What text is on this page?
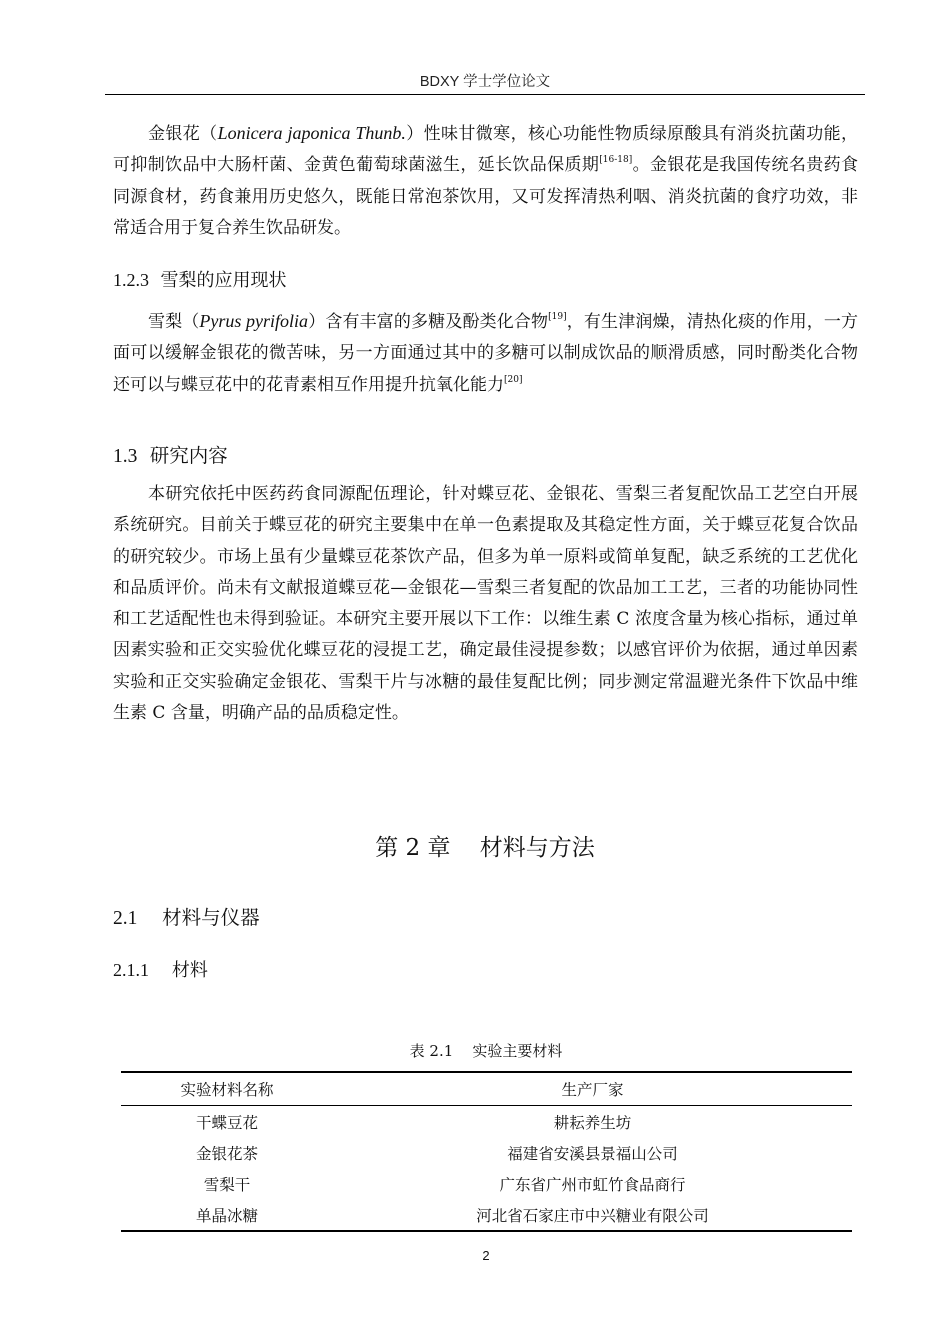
BDXY 学士学位论文

金银花（Lonicera japonica Thunb.）性味甘微寒，核心功能性物质绿原酸具有消炎抗菌功能，可抑制饮品中大肠杆菌、金黄色葡萄球菌滋生，延长饮品保质期[16-18]。金银花是我国传统名贵药食同源食材，药食兼用历史悠久，既能日常泡茶饮用，又可发挥清热利咽、消炎抗菌的食疗功效，非常适合用于复合养生饮品研发。

1.2.3 雪梨的应用现状

雪梨（Pyrus pyrifolia）含有丰富的多糖及酚类化合物[19]，有生津润燥，清热化痰的作用，一方面可以缓解金银花的微苦味，另一方面通过其中的多糖可以制成饮品的顺滑质感，同时酚类化合物还可以与蝶豆花中的花青素相互作用提升抗氧化能力[20]

1.3 研究内容

本研究依托中医药药食同源配伍理论，针对蝶豆花、金银花、雪梨三者复配饮品工艺空白开展系统研究。目前关于蝶豆花的研究主要集中在单一色素提取及其稳定性方面，关于蝶豆花复合饮品的研究较少。市场上虽有少量蝶豆花茶饮产品，但多为单一原料或简单复配，缺乏系统的工艺优化和品质评价。尚未有文献报道蝶豆花—金银花—雪梨三者复配的饮品加工工艺，三者的功能协同性和工艺适配性也未得到验证。本研究主要开展以下工作：以维生素 C 浓度含量为核心指标，通过单因素实验和正交实验优化蝶豆花的浸提工艺，确定最佳浸提参数；以感官评价为依据，通过单因素实验和正交实验确定金银花、雪梨干片与冰糖的最佳复配比例；同步测定常温避光条件下饮品中维生素 C 含量，明确产品的品质稳定性。

第 2 章 材料与方法
2.1 材料与仪器
2.1.1 材料
表 2.1 实验主要材料
实验材料名称	生产厂家
干蝶豆花	耕耘养生坊
金银花茶	福建省安溪县景福山公司
雪梨干	广东省广州市虹竹食品商行
单晶冰糖	河北省石家庄市中兴糖业有限公司
2
